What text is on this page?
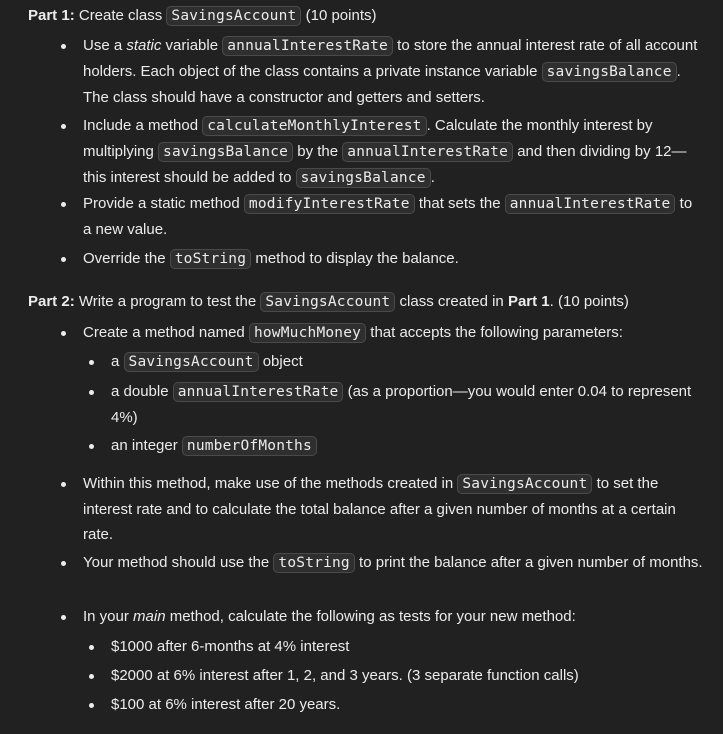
Part 1: Create class SavingsAccount (10 points)
Use a static variable annualInterestRate to store the annual interest rate of all account holders. Each object of the class contains a private instance variable savingsBalance . The class should have a constructor and getters and setters.
Include a method calculateMonthlyInterest . Calculate the monthly interest by multiplying savingsBalance by the annualInterestRate and then dividing by 12—this interest should be added to savingsBalance .
Provide a static method modifyInterestRate that sets the annualInterestRate to a new value.
Override the toString method to display the balance.
Part 2: Write a program to test the SavingsAccount class created in Part 1. (10 points)
Create a method named howMuchMoney that accepts the following parameters:
a SavingsAccount object
a double annualInterestRate (as a proportion—you would enter 0.04 to represent 4%)
an integer numberOfMonths
Within this method, make use of the methods created in SavingsAccount to set the interest rate and to calculate the total balance after a given number of months at a certain rate.
Your method should use the toString to print the balance after a given number of months.
In your main method, calculate the following as tests for your new method:
$1000 after 6-months at 4% interest
$2000 at 6% interest after 1, 2, and 3 years. (3 separate function calls)
$100 at 6% interest after 20 years.
